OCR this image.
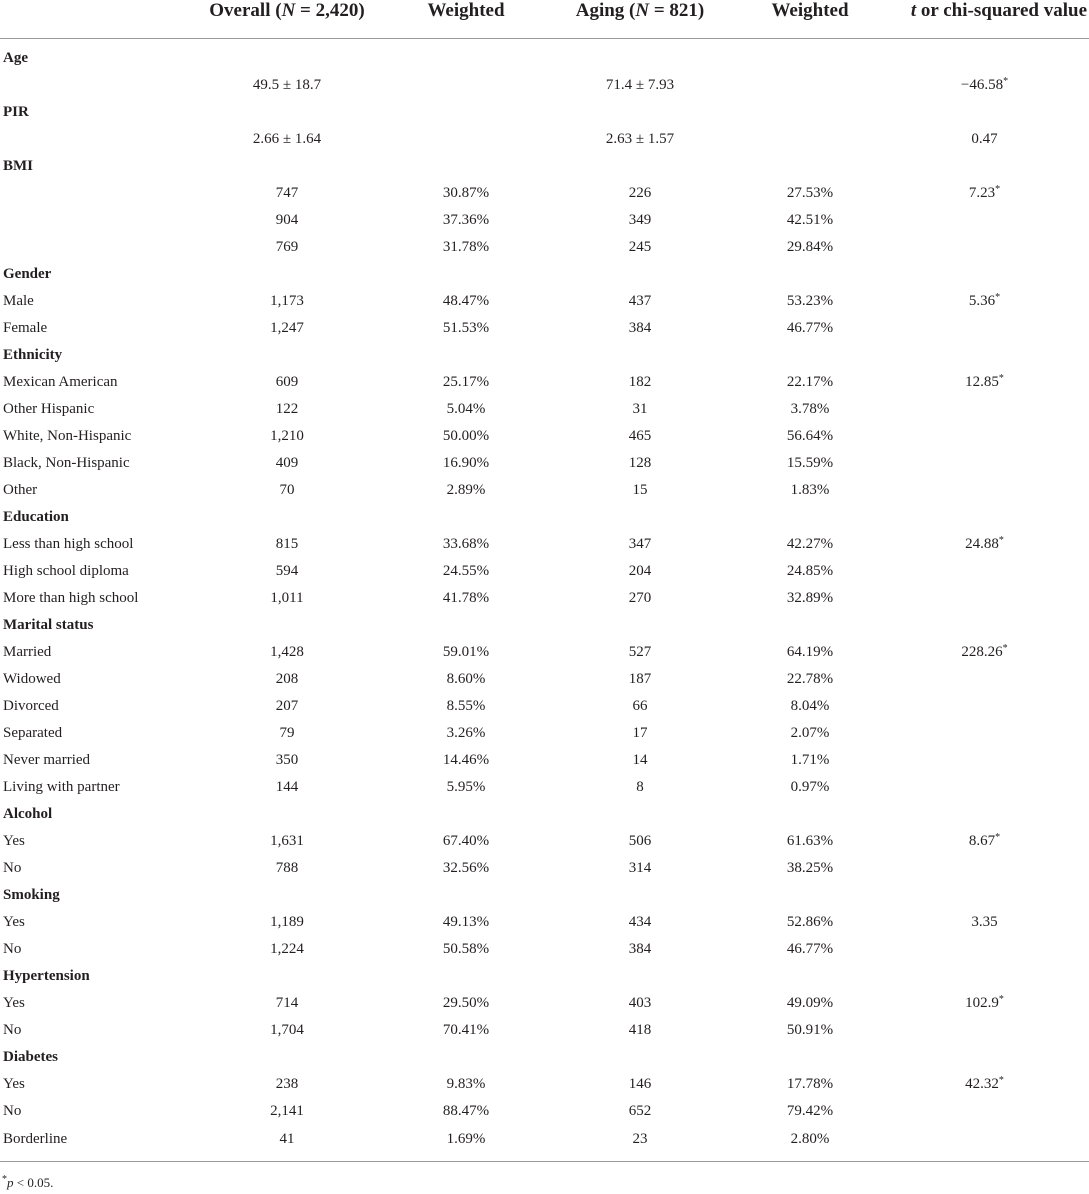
	Overall (N = 2,420)	Weighted	Aging (N = 821)	Weighted	t or chi-squared value
Age					
	49.5 ± 18.7		71.4 ± 7.93		−46.58*
PIR					
	2.66 ± 1.64		2.63 ± 1.57		0.47
BMI					
	747	30.87%	226	27.53%	7.23*
	904	37.36%	349	42.51%	
	769	31.78%	245	29.84%	
Gender					
Male	1,173	48.47%	437	53.23%	5.36*
Female	1,247	51.53%	384	46.77%	
Ethnicity					
Mexican American	609	25.17%	182	22.17%	12.85*
Other Hispanic	122	5.04%	31	3.78%	
White, Non-Hispanic	1,210	50.00%	465	56.64%	
Black, Non-Hispanic	409	16.90%	128	15.59%	
Other	70	2.89%	15	1.83%	
Education					
Less than high school	815	33.68%	347	42.27%	24.88*
High school diploma	594	24.55%	204	24.85%	
More than high school	1,011	41.78%	270	32.89%	
Marital status					
Married	1,428	59.01%	527	64.19%	228.26*
Widowed	208	8.60%	187	22.78%	
Divorced	207	8.55%	66	8.04%	
Separated	79	3.26%	17	2.07%	
Never married	350	14.46%	14	1.71%	
Living with partner	144	5.95%	8	0.97%	
Alcohol					
Yes	1,631	67.40%	506	61.63%	8.67*
No	788	32.56%	314	38.25%	
Smoking					
Yes	1,189	49.13%	434	52.86%	3.35
No	1,224	50.58%	384	46.77%	
Hypertension					
Yes	714	29.50%	403	49.09%	102.9*
No	1,704	70.41%	418	50.91%	
Diabetes					
Yes	238	9.83%	146	17.78%	42.32*
No	2,141	88.47%	652	79.42%	
Borderline	41	1.69%	23	2.80%	
*p < 0.05.
